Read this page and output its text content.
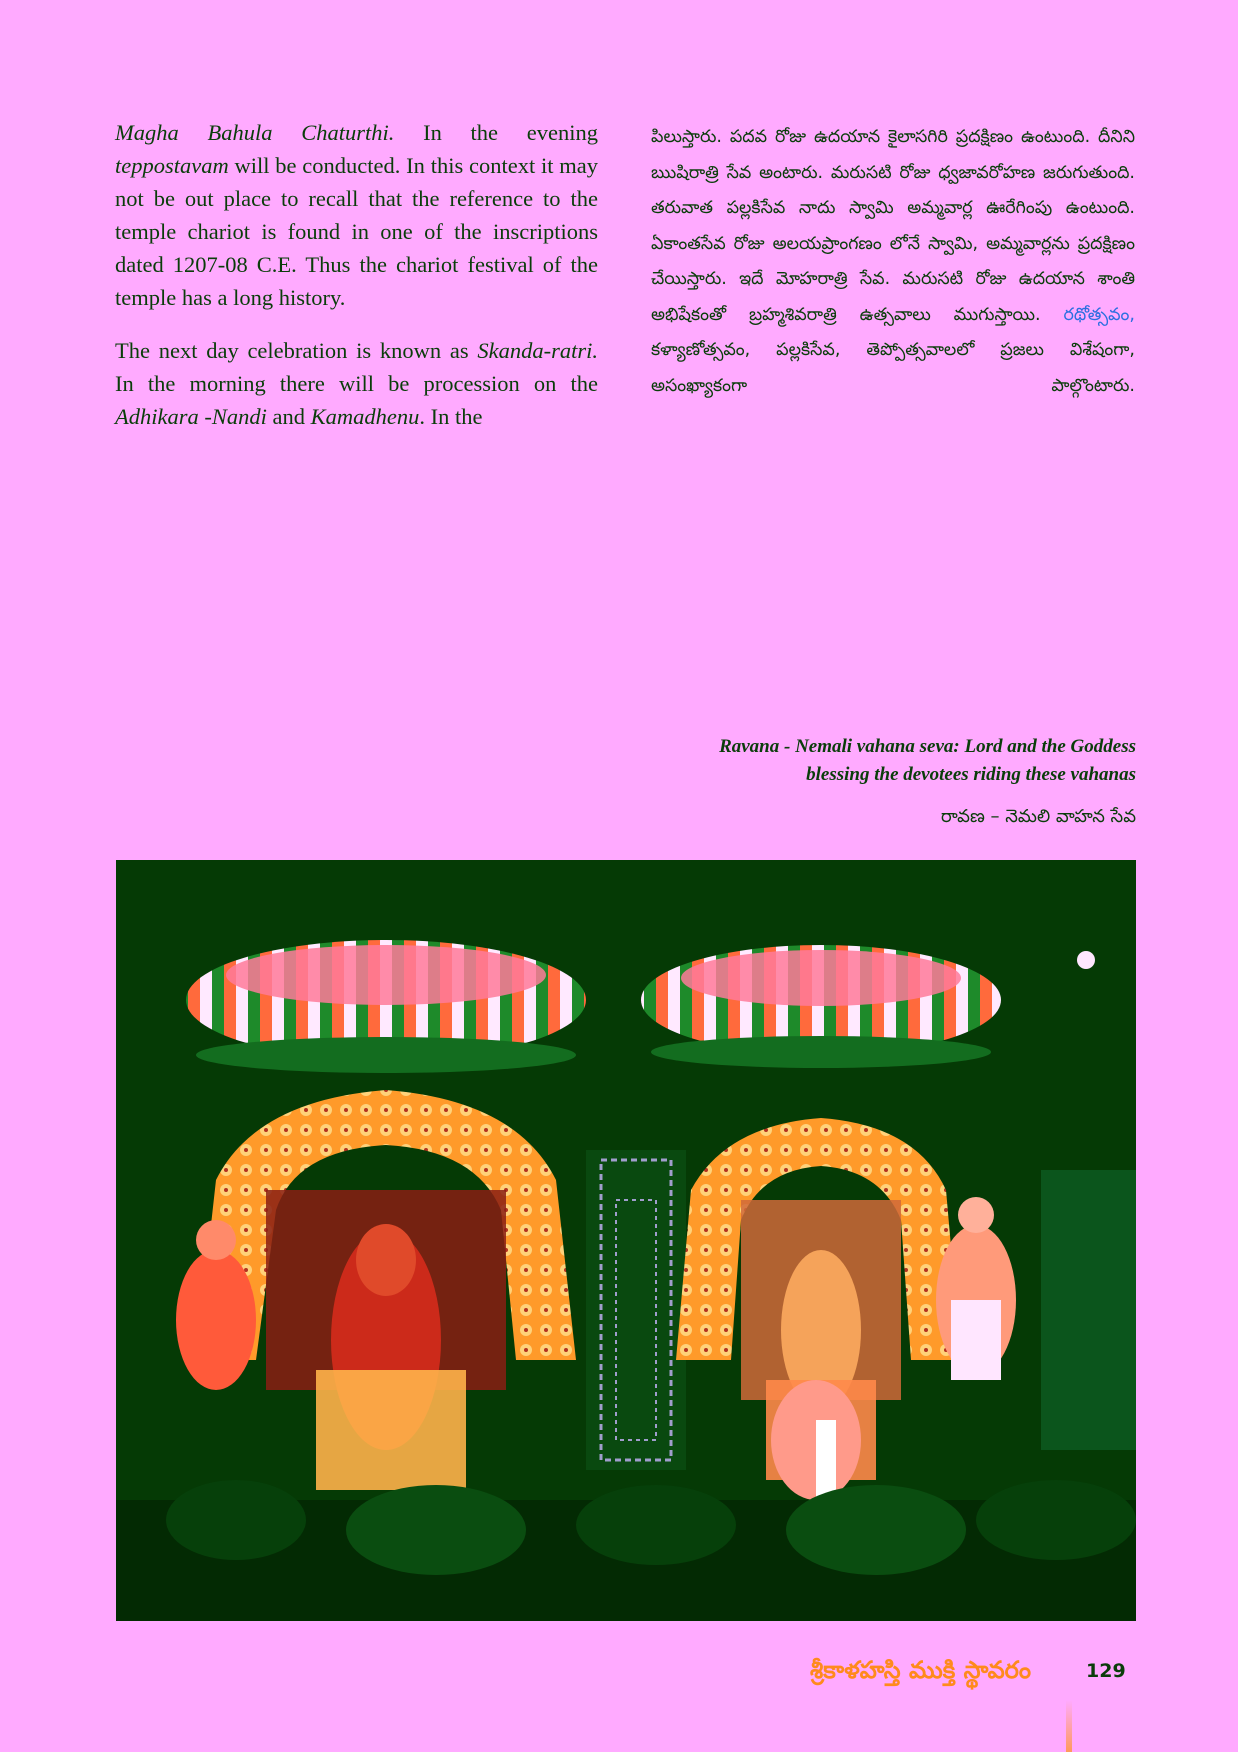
Magha Bahula Chaturthi. In the evening teppostavam will be conducted. In this context it may not be out place to recall that the reference to the temple chariot is found in one of the inscriptions dated 1207-08 C.E. Thus the chariot festival of the temple has a long history.

The next day celebration is known as Skanda-ratri. In the morning there will be procession on the Adhikara -Nandi and Kamadhenu. In the

పిలుస్తారు. పదవ రోజు ఉదయాన కైలాసగిరి ప్రదక్షిణం ఉంటుంది. దీనిని ఋషిరాత్రి సేవ అంటారు. మరుసటి రోజు ధ్వజావరోహణ జరుగుతుంది. తరువాత పల్లకిసేవ నాదు స్వామి అమ్మవార్ల ఊరేగింపు ఉంటుంది. ఏకాంతసేవ రోజు అలయప్రాంగణం లోనే స్వామి, అమ్మవార్లను ప్రదక్షిణం చేయిస్తారు. ఇదే మోహరాత్రి సేవ. మరుసటి రోజు ఉదయాన శాంతి అభిషేకంతో బ్రహ్మశివరాత్రి ఉత్సవాలు ముగుస్తాయి. రథోత్సవం, కళ్యాణోత్సవం, పల్లకిసేవ, తెప్పోత్సవాలలో ప్రజలు విశేషంగా, అసంఖ్యాకంగా పాల్గొంటారు.
Ravana - Nemali vahana seva: Lord and the Goddess
blessing the devotees riding these vahanas
రావణ – నెమలి వాహన సేవ
శ్రీకాళహస్తి ముక్తి స్థావరం	129
